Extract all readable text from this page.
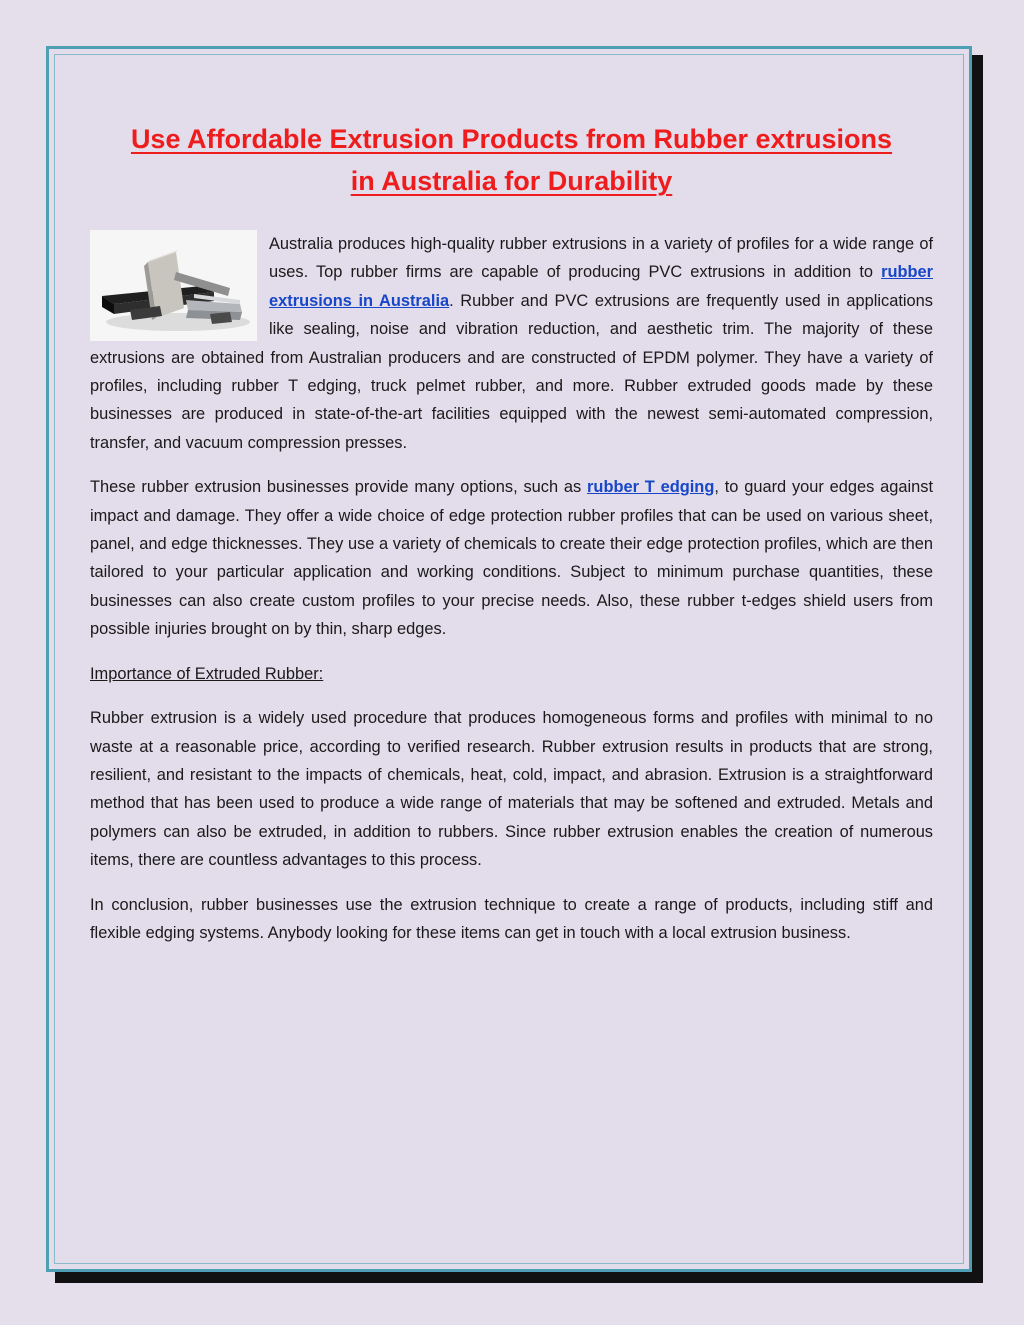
Use Affordable Extrusion Products from Rubber extrusions
in Australia for Durability

Australia produces high-quality rubber extrusions in a variety of profiles for a wide range of uses. Top rubber firms are capable of producing PVC extrusions in addition to rubber extrusions in Australia. Rubber and PVC extrusions are frequently used in applications like sealing, noise and vibration reduction, and aesthetic trim. The majority of these extrusions are obtained from Australian producers and are constructed of EPDM polymer. They have a variety of profiles, including rubber T edging, truck pelmet rubber, and more. Rubber extruded goods made by these businesses are produced in state-of-the-art facilities equipped with the newest semi-automated compression, transfer, and vacuum compression presses.

These rubber extrusion businesses provide many options, such as rubber T edging, to guard your edges against impact and damage. They offer a wide choice of edge protection rubber profiles that can be used on various sheet, panel, and edge thicknesses. They use a variety of chemicals to create their edge protection profiles, which are then tailored to your particular application and working conditions. Subject to minimum purchase quantities, these businesses can also create custom profiles to your precise needs. Also, these rubber t-edges shield users from possible injuries brought on by thin, sharp edges.

Importance of Extruded Rubber:

Rubber extrusion is a widely used procedure that produces homogeneous forms and profiles with minimal to no waste at a reasonable price, according to verified research. Rubber extrusion results in products that are strong, resilient, and resistant to the impacts of chemicals, heat, cold, impact, and abrasion. Extrusion is a straightforward method that has been used to produce a wide range of materials that may be softened and extruded. Metals and polymers can also be extruded, in addition to rubbers. Since rubber extrusion enables the creation of numerous items, there are countless advantages to this process.

In conclusion, rubber businesses use the extrusion technique to create a range of products, including stiff and flexible edging systems. Anybody looking for these items can get in touch with a local extrusion business.
